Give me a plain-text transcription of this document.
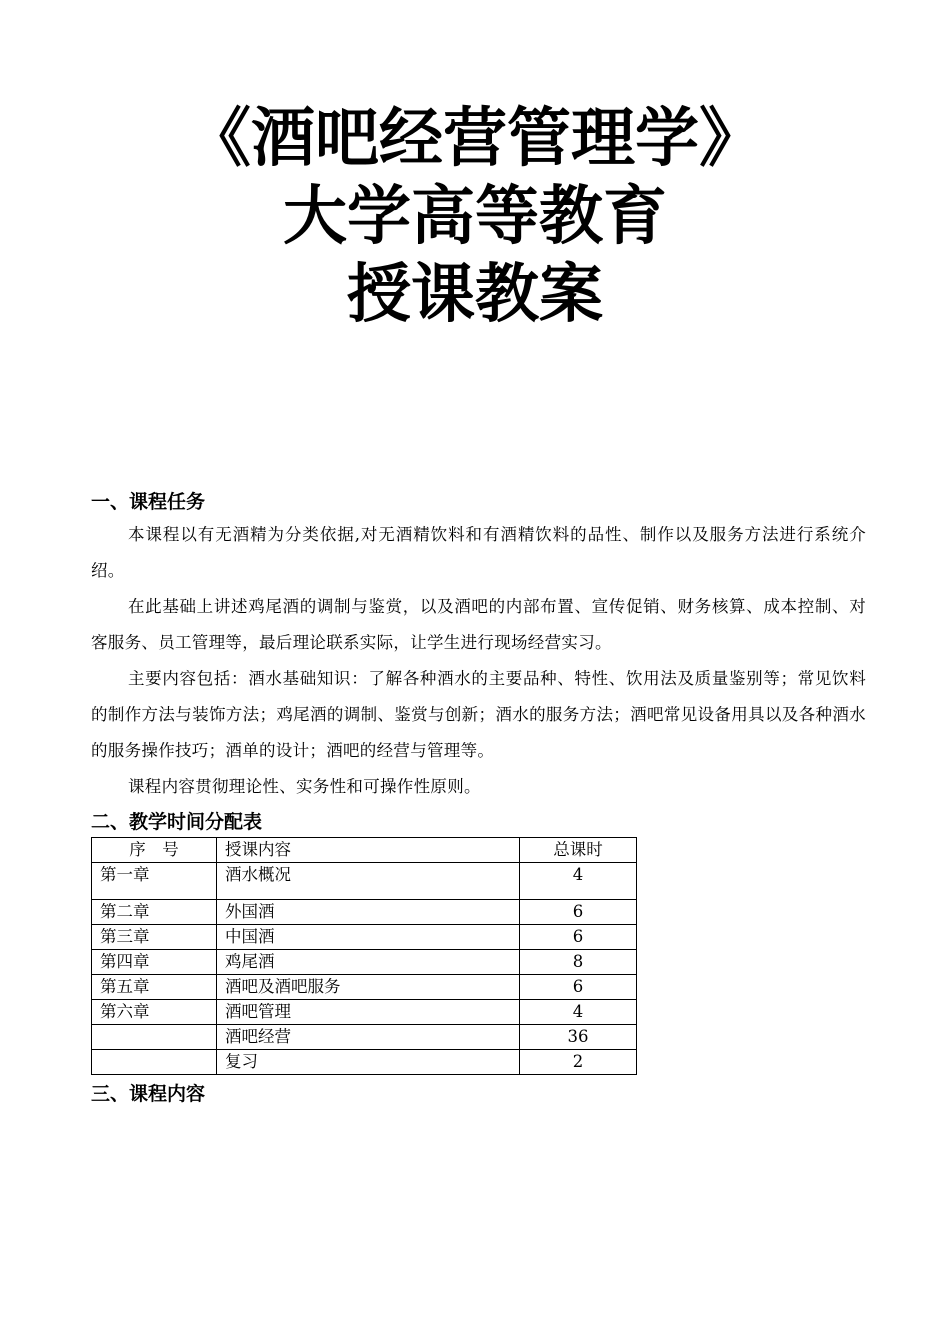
《酒吧经营管理学》
大学高等教育
授课教案
一、课程任务

本课程以有无酒精为分类依据,对无酒精饮料和有酒精饮料的品性、制作以及服务方法进行系统介绍。

在此基础上讲述鸡尾酒的调制与鉴赏，以及酒吧的内部布置、宣传促销、财务核算、成本控制、对客服务、员工管理等，最后理论联系实际，让学生进行现场经营实习。

主要内容包括：酒水基础知识：了解各种酒水的主要品种、特性、饮用法及质量鉴别等；常见饮料的制作方法与装饰方法；鸡尾酒的调制、鉴赏与创新；酒水的服务方法；酒吧常见设备用具以及各种酒水的服务操作技巧；酒单的设计；酒吧的经营与管理等。

课程内容贯彻理论性、实务性和可操作性原则。

二、教学时间分配表
序　号	授课内容	总课时
第一章	酒水概况	4
第二章	外国酒	6
第三章	中国酒	6
第四章	鸡尾酒	8
第五章	酒吧及酒吧服务	6
第六章	酒吧管理	4
	酒吧经营	36
	复习	2
三、课程内容
